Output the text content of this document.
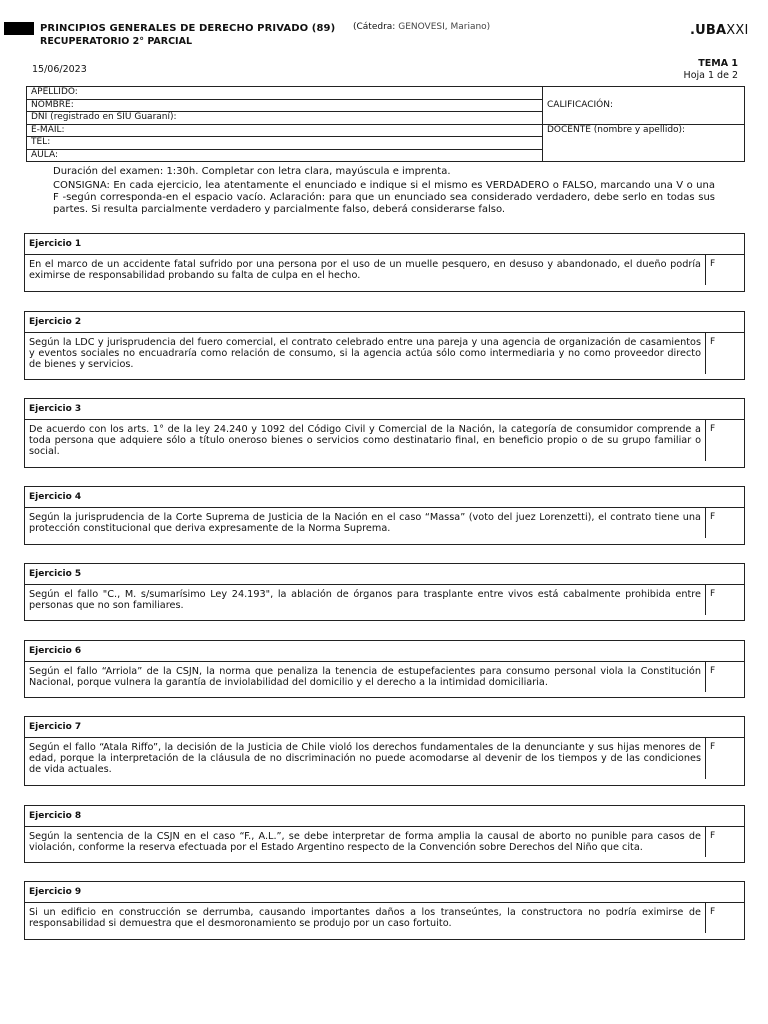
PRINCIPIOS GENERALES DE DERECHO PRIVADO (89) (Cátedra: GENOVESI, Mariano)
RECUPERATORIO 2° PARCIAL
.UBAXXI
15/06/2023
TEMA 1
Hoja 1 de 2
APELLIDO:	CALIFICACIÓN:
NOMBRE:	
DNI (registrado en SIU Guaraní):	
E-MAIL:	DOCENTE (nombre y apellido):
TEL:	
AULA:	

Duración del examen: 1:30h. Completar con letra clara, mayúscula e imprenta.

CONSIGNA: En cada ejercicio, lea atentamente el enunciado e indique si el mismo es VERDADERO o FALSO, marcando una V o una F -según corresponda-en el espacio vacío. Aclaración: para que un enunciado sea considerado verdadero, debe serlo en todas sus partes. Si resulta parcialmente verdadero y parcialmente falso, deberá considerarse falso.

Ejercicio 1
En el marco de un accidente fatal sufrido por una persona por el uso de un muelle pesquero, en desuso y abandonado, el dueño podría eximirse de responsabilidad probando su falta de culpa en el hecho.
F
Ejercicio 2
Según la LDC y jurisprudencia del fuero comercial, el contrato celebrado entre una pareja y una agencia de organización de casamientos y eventos sociales no encuadraría como relación de consumo, si la agencia actúa sólo como intermediaria y no como proveedor directo de bienes y servicios.
F
Ejercicio 3
De acuerdo con los arts. 1° de la ley 24.240 y 1092 del Código Civil y Comercial de la Nación, la categoría de consumidor comprende a toda persona que adquiere sólo a título oneroso bienes o servicios como destinatario final, en beneficio propio o de su grupo familiar o social.
F
Ejercicio 4
Según la jurisprudencia de la Corte Suprema de Justicia de la Nación en el caso “Massa” (voto del juez Lorenzetti), el contrato tiene una protección constitucional que deriva expresamente de la Norma Suprema.
F
Ejercicio 5
Según el fallo "C., M. s/sumarísimo Ley 24.193", la ablación de órganos para trasplante entre vivos está cabalmente prohibida entre personas que no son familiares.
F
Ejercicio 6
Según el fallo “Arriola” de la CSJN, la norma que penaliza la tenencia de estupefacientes para consumo personal viola la Constitución Nacional, porque vulnera la garantía de inviolabilidad del domicilio y el derecho a la intimidad domiciliaria.
F
Ejercicio 7
Según el fallo “Atala Riffo”, la decisión de la Justicia de Chile violó los derechos fundamentales de la denunciante y sus hijas menores de edad, porque la interpretación de la cláusula de no discriminación no puede acomodarse al devenir de los tiempos y de las condiciones de vida actuales.
F
Ejercicio 8
Según la sentencia de la CSJN en el caso “F., A.L.”, se debe interpretar de forma amplia la causal de aborto no punible para casos de violación, conforme la reserva efectuada por el Estado Argentino respecto de la Convención sobre Derechos del Niño que cita.
F
Ejercicio 9
Si un edificio en construcción se derrumba, causando importantes daños a los transeúntes, la constructora no podría eximirse de responsabilidad si demuestra que el desmoronamiento se produjo por un caso fortuito.
F
